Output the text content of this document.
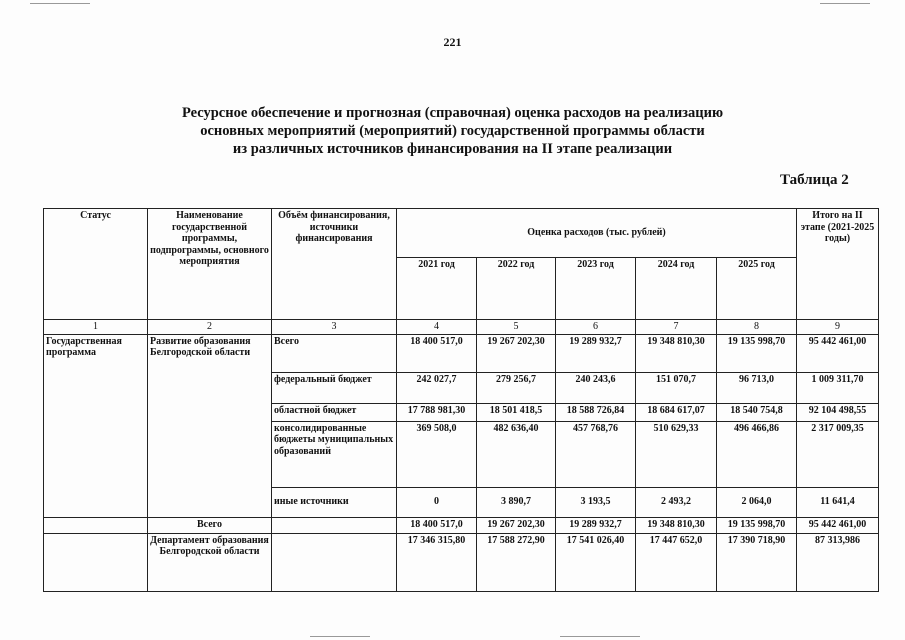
221
Ресурсное обеспечение и прогнозная (справочная) оценка расходов на реализацию
основных мероприятий (мероприятий) государственной программы области
из различных источников финансирования на II этапе реализации
Таблица 2
Статус	Наименование государственной программы, подпрограммы, основного мероприятия	Объём финансирования, источники финансирования	Оценка расходов (тыс. рублей)					Итого на II этапе (2021-2025 годы)
			2021 год	2022 год	2023 год	2024 год	2025 год	
1	2	3	4	5	6	7	8	9
Государственная программа	Развитие образования Белгородской области	Всего	18 400 517,0	19 267 202,30	19 289 932,7	19 348 810,30	19 135 998,70	95 442 461,00
		федеральный бюджет	242 027,7	279 256,7	240 243,6	151 070,7	96 713,0	1 009 311,70
		областной бюджет	17 788 981,30	18 501 418,5	18 588 726,84	18 684 617,07	18 540 754,8	92 104 498,55
		консолидированные бюджеты муниципальных образований	369 508,0	482 636,40	457 768,76	510 629,33	496 466,86	2 317 009,35
		иные источники	0	3 890,7	3 193,5	2 493,2	2 064,0	11 641,4
	Всего		18 400 517,0	19 267 202,30	19 289 932,7	19 348 810,30	19 135 998,70	95 442 461,00
	Департамент образования Белгородской области		17 346 315,80	17 588 272,90	17 541 026,40	17 447 652,0	17 390 718,90	87 313,986
